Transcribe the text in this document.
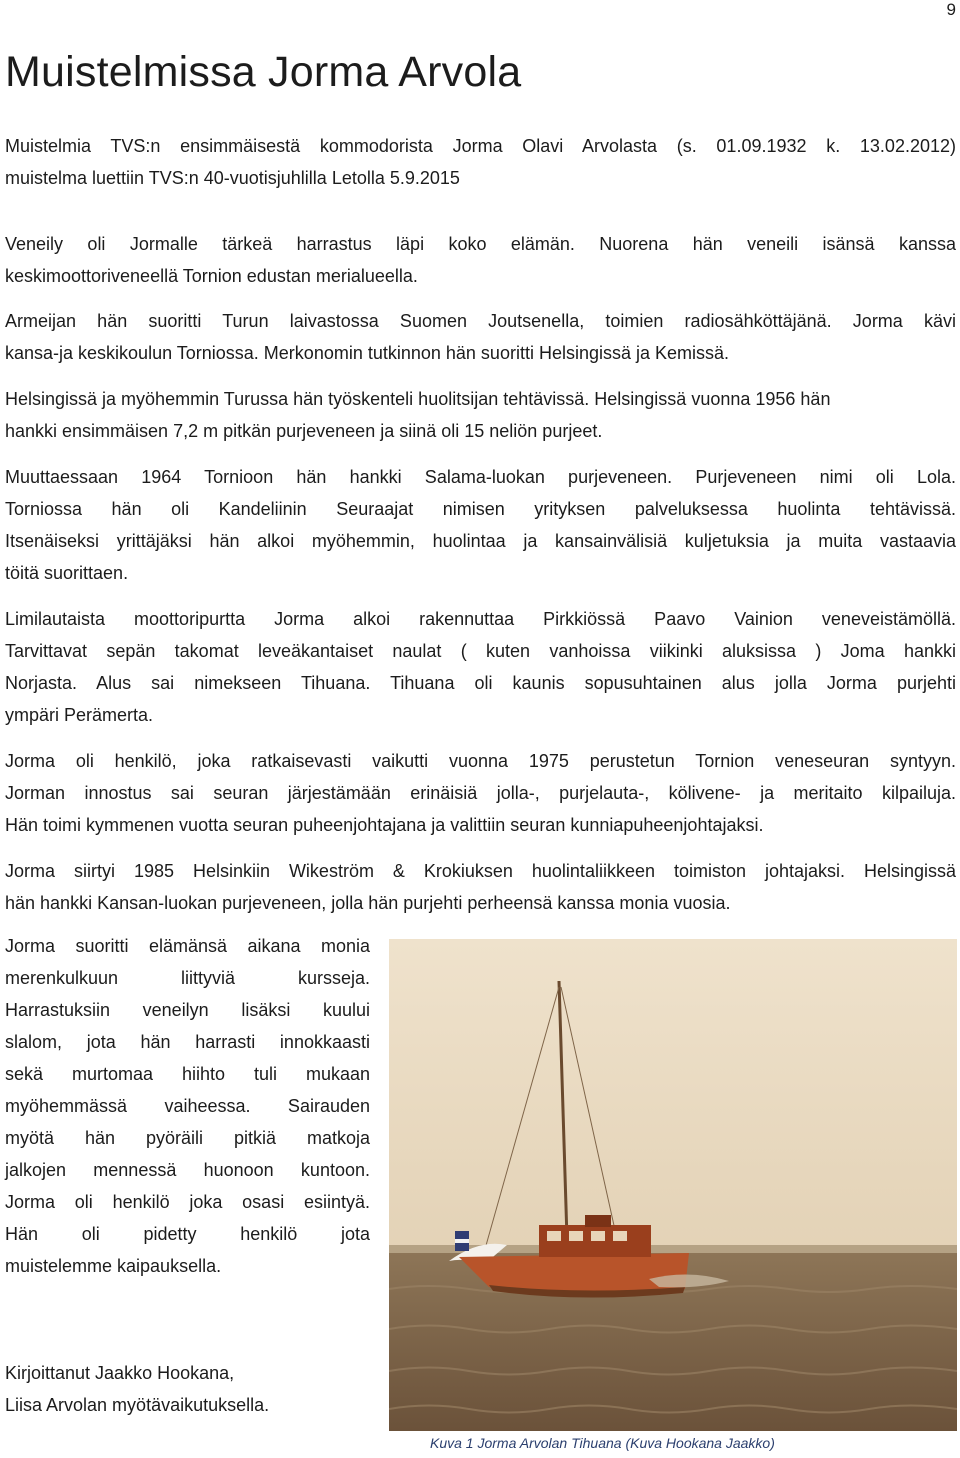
9
Muistelmissa Jorma Arvola
Muistelmia TVS:n ensimmäisestä kommodorista Jorma Olavi Arvolasta (s. 01.09.1932 k. 13.02.2012)
muistelma luettiin TVS:n 40-vuotisjuhlilla Letolla 5.9.2015
Veneily oli Jormalle tärkeä harrastus läpi koko elämän. Nuorena hän veneili isänsä kanssa
keskimoottoriveneellä Tornion edustan merialueella.
Armeijan hän suoritti Turun laivastossa Suomen Joutsenella, toimien radiosähköttäjänä. Jorma kävi
kansa-ja keskikoulun Torniossa. Merkonomin tutkinnon hän suoritti Helsingissä ja Kemissä.
Helsingissä ja myöhemmin Turussa hän työskenteli huolitsijan tehtävissä. Helsingissä vuonna 1956 hän
hankki ensimmäisen 7,2 m pitkän purjeveneen ja siinä oli 15 neliön purjeet.
Muuttaessaan 1964 Tornioon hän hankki Salama-luokan purjeveneen. Purjeveneen nimi oli Lola.
Torniossa hän oli Kandeliinin Seuraajat nimisen yrityksen palveluksessa huolinta tehtävissä.
Itsenäiseksi yrittäjäksi hän alkoi myöhemmin, huolintaa ja kansainvälisiä kuljetuksia ja muita vastaavia
töitä suorittaen.
Limilautaista moottoripurtta Jorma alkoi rakennuttaa Pirkkiössä Paavo Vainion veneveistämöllä.
Tarvittavat sepän takomat leveäkantaiset naulat ( kuten vanhoissa viikinki aluksissa ) Joma hankki
Norjasta. Alus sai nimekseen Tihuana. Tihuana oli kaunis sopusuhtainen alus jolla Jorma purjehti
ympäri Perämerta.
Jorma oli henkilö, joka ratkaisevasti vaikutti vuonna 1975 perustetun Tornion veneseuran syntyyn.
Jorman innostus sai seuran järjestämään erinäisiä jolla-, purjelauta-, kölivene- ja meritaito kilpailuja.
Hän toimi kymmenen vuotta seuran puheenjohtajana ja valittiin seuran kunniapuheenjohtajaksi.
Jorma siirtyi 1985 Helsinkiin Wikeström & Krokiuksen huolintaliikkeen toimiston johtajaksi. Helsingissä
hän hankki Kansan-luokan purjeveneen, jolla hän purjehti perheensä kanssa monia vuosia.
Jorma suoritti elämänsä aikana monia
merenkulkuun liittyviä kursseja.
Harrastuksiin veneilyn lisäksi kuului
slalom, jota hän harrasti innokkaasti
sekä murtomaa hiihto tuli mukaan
myöhemmässä vaiheessa. Sairauden
myötä hän pyöräili pitkiä matkoja
jalkojen mennessä huonoon kuntoon.
Jorma oli henkilö joka osasi esiintyä.
Hän oli pidetty henkilö jota
muistelemme kaipauksella.
Kirjoittanut Jaakko Hookana,
Liisa Arvolan myötävaikutuksella.
Kuva 1 Jorma Arvolan Tihuana (Kuva Hookana Jaakko)
